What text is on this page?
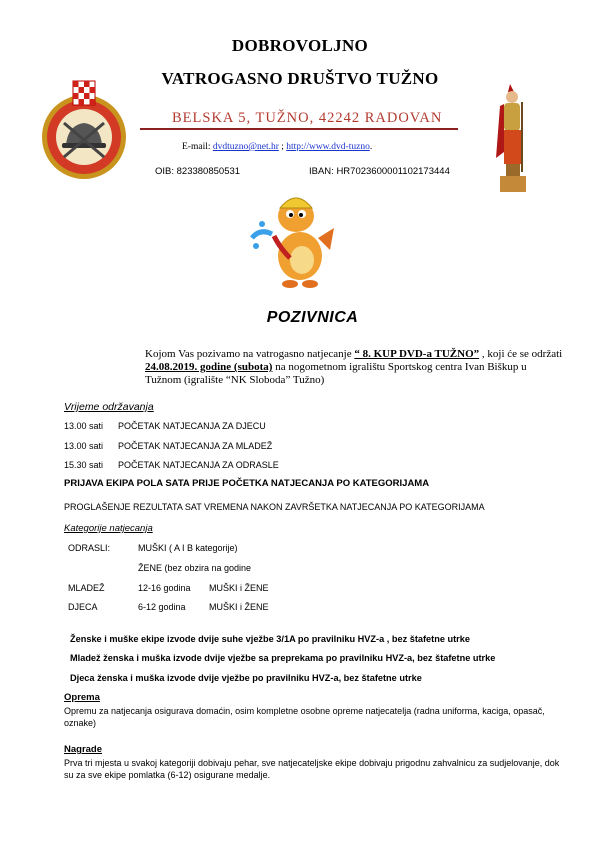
DOBROVOLJNO
VATROGASNO DRUŠTVO TUŽNO
BELSKA 5, TUŽNO, 42242 RADOVAN
E-mail: dvdtuzno@net.hr ; http://www.dvd-tuzno.
OIB: 823380850531	IBAN: HR7023600001102173444
POZIVNICA
Kojom Vas pozivamo na vatrogasno natjecanje “ 8. KUP DVD-a TUŽNO” , koji će se održati 24.08.2019. godine (subota) na nogometnom igralištu Sportskog centra Ivan Biškup u Tužnom (igralište “NK Sloboda” Tužno)
Vrijeme održavanja
13.00 sati POČETAK NATJECANJA ZA DJECU
13.00 sati POČETAK NATJECANJA ZA MLADEŽ
15.30 sati POČETAK NATJECANJA ZA ODRASLE
PRIJAVA EKIPA POLA SATA PRIJE POČETKA NATJECANJA PO KATEGORIJAMA
PROGLAŠENJE REZULTATA SAT VREMENA NAKON ZAVRŠETKA NATJECANJA PO KATEGORIJAMA
Kategorije natjecanja
ODRASLI:	MUŠKI ( A I B kategorije)
ŽENE (bez obzira na godine
MLADEŽ	12-16 godina MUŠKI i ŽENE
DJECA	6-12 godina	MUŠKI i ŽENE
Ženske i muške ekipe izvode dvije suhe vježbe 3/1A po pravilniku HVZ-a , bez štafetne utrke
Mladež ženska i muška izvode dvije vježbe sa preprekama po pravilniku HVZ-a, bez štafetne utrke
Djeca ženska i muška izvode dvije vježbe po pravilniku HVZ-a, bez štafetne utrke
Oprema
Opremu za natjecanja osigurava domaćin, osim kompletne osobne opreme natjecatelja (radna uniforma, kaciga, opasač, oznake)
Nagrade
Prva tri mjesta u svakoj kategoriji dobivaju pehar, sve natjecateljske ekipe dobivaju prigodnu zahvalnicu za sudjelovanje, dok su za sve ekipe pomlatka (6-12) osigurane medalje.
